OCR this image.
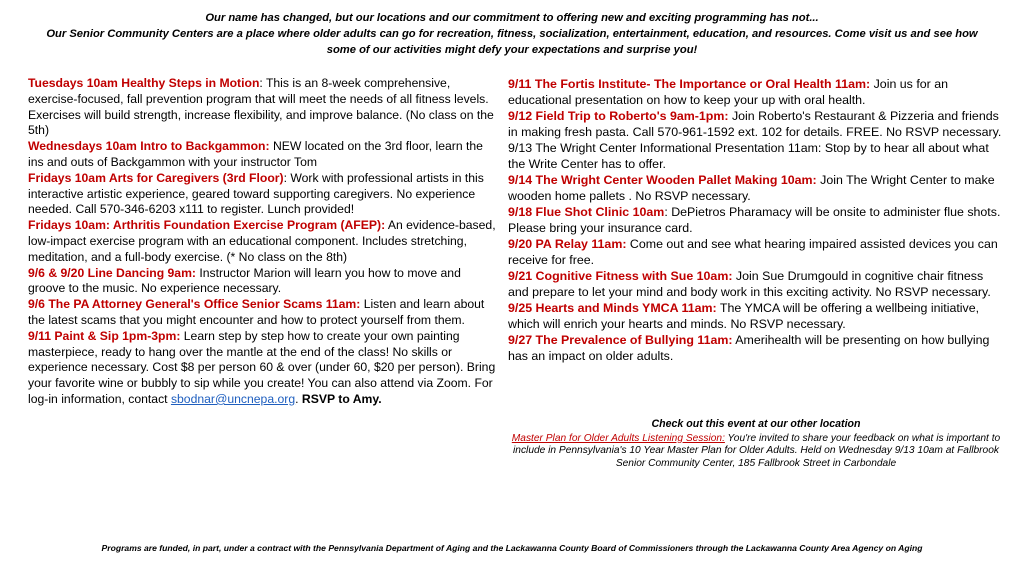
Our name has changed, but our locations and our commitment to offering new and exciting programming has not...
Our Senior Community Centers are a place where older adults can go for recreation, fitness, socialization, entertainment, education, and resources. Come visit us and see how some of our activities might defy your expectations and surprise you!

Tuesdays 10am Healthy Steps in Motion: This is an 8-week comprehensive, exercise-focused, fall prevention program that will meet the needs of all fitness levels. Exercises will build strength, increase flexibility, and improve balance. (No class on the 5th)

Wednesdays 10am Intro to Backgammon: NEW located on the 3rd floor, learn the ins and outs of Backgammon with your instructor Tom

Fridays 10am Arts for Caregivers (3rd Floor): Work with professional artists in this interactive artistic experience, geared toward supporting caregivers. No experience needed. Call 570-346-6203 x111 to register. Lunch provided!

Fridays 10am: Arthritis Foundation Exercise Program (AFEP): An evidence-based, low-impact exercise program with an educational component. Includes stretching, meditation, and a full-body exercise. (* No class on the 8th)

9/6 & 9/20 Line Dancing 9am: Instructor Marion will learn you how to move and groove to the music. No experience necessary.

9/6 The PA Attorney General's Office Senior Scams 11am: Listen and learn about the latest scams that you might encounter and how to protect yourself from them.

9/11 Paint & Sip 1pm-3pm: Learn step by step how to create your own painting masterpiece, ready to hang over the mantle at the end of the class! No skills or experience necessary. Cost $8 per person 60 & over (under 60, $20 per person). Bring your favorite wine or bubbly to sip while you create! You can also attend via Zoom. For log-in information, contact sbodnar@uncnepa.org. RSVP to Amy.

9/11 The Fortis Institute- The Importance or Oral Health 11am: Join us for an educational presentation on how to keep your up with oral health.

9/12 Field Trip to Roberto's 9am-1pm: Join Roberto's Restaurant & Pizzeria and friends in making fresh pasta. Call 570-961-1592 ext. 102 for details. FREE. No RSVP necessary.

9/13 The Wright Center Informational Presentation 11am: Stop by to hear all about what the Write Center has to offer.

9/14 The Wright Center Wooden Pallet Making 10am: Join The Wright Center to make wooden home pallets . No RSVP necessary.

9/18 Flue Shot Clinic 10am: DePietros Pharamacy will be onsite to administer flue shots. Please bring your insurance card.

9/20 PA Relay 11am: Come out and see what hearing impaired assisted devices you can receive for free.

9/21 Cognitive Fitness with Sue 10am: Join Sue Drumgould in cognitive chair fitness and prepare to let your mind and body work in this exciting activity. No RSVP necessary.

9/25 Hearts and Minds YMCA 11am: The YMCA will be offering a wellbeing initiative, which will enrich your hearts and minds. No RSVP necessary.

9/27 The Prevalence of Bullying 11am: Amerihealth will be presenting on how bullying has an impact on older adults.

Check out this event at our other location
Master Plan for Older Adults Listening Session: You're invited to share your feedback on what is important to include in Pennsylvania's 10 Year Master Plan for Older Adults. Held on Wednesday 9/13 10am at Fallbrook Senior Community Center, 185 Fallbrook Street in Carbondale
Programs are funded, in part, under a contract with the Pennsylvania Department of Aging and the Lackawanna County Board of Commissioners through the Lackawanna County Area Agency on Aging
